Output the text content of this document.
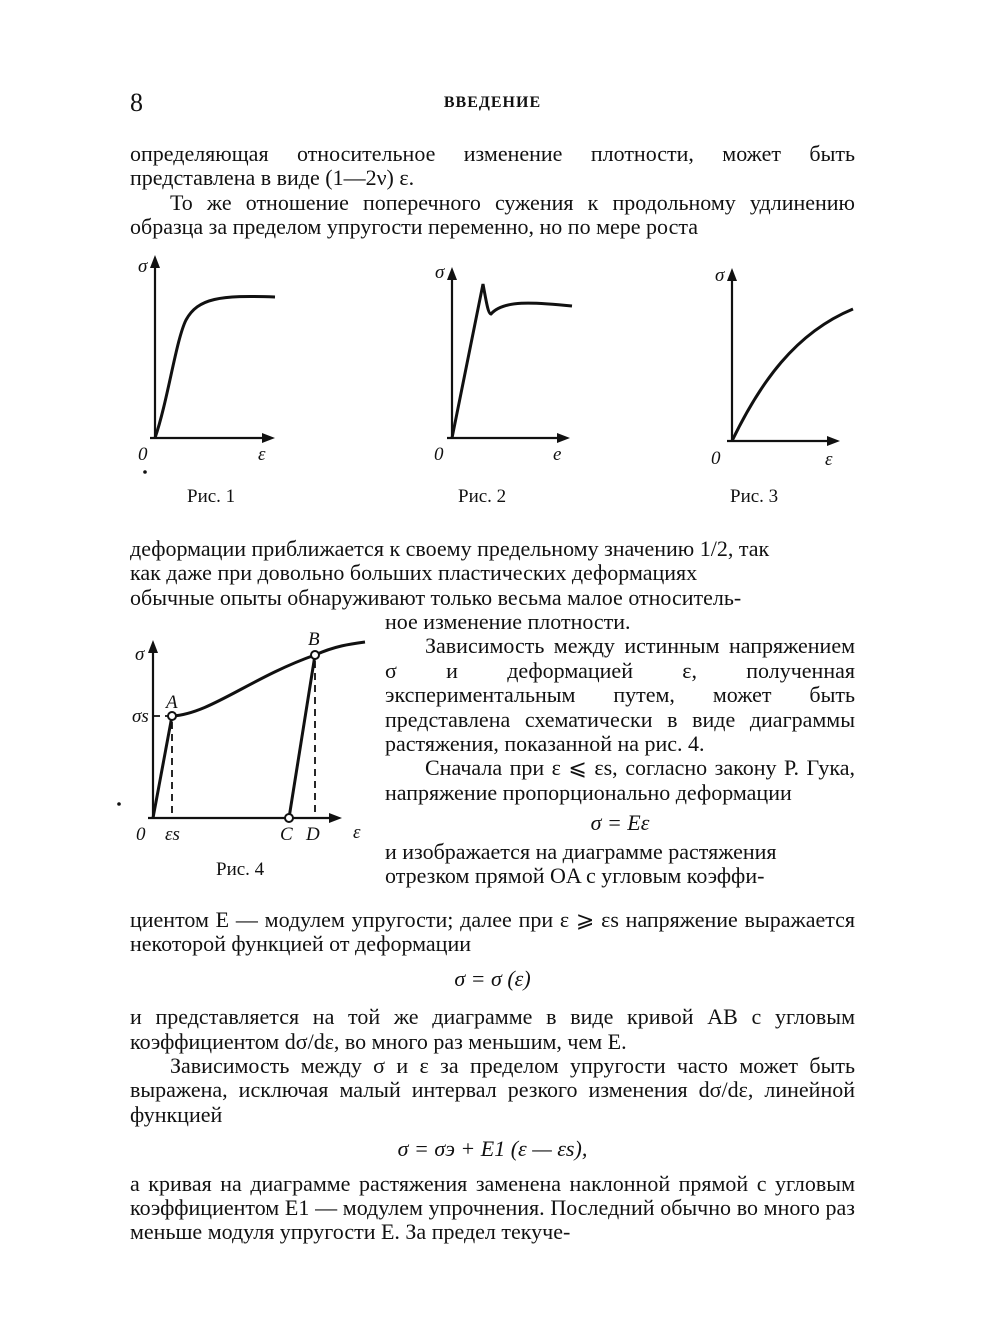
8	ВВЕДЕНИЕ

определяющая относительное изменение плотности, может быть представлена в виде (1—2ν) ε.

То же отношение поперечного сужения к продольному удлинению образца за пределом упругости переменно, но по мере роста

σ
ε
0
Рис. 1
σ
e
0
Рис. 2
σ
ε
0
Рис. 3

деформации приближается к своему предельному значению 1/2, так

как даже при довольно больших пластических деформациях

обычные опыты обнаруживают только весьма малое относитель-

ное изменение плотности.

Зависимость между истинным напряжением σ и деформацией ε, полученная экспериментальным путем, может быть представлена схематически в виде диаграммы растяжения, показанной на рис. 4.

Сначала при ε ⩽ εs, согласно закону Р. Гука, напряжение пропорционально деформации

σ = Eε

и изображается на диаграмме растяжения

отрезком прямой OA с угловым коэффи-

σ
σs
A
B
0 εs	C D ε
Рис. 4

циентом E — модулем упругости; далее при ε ⩾ εs напряжение выражается некоторой функцией от деформации

σ = σ (ε)

и представляется на той же диаграмме в виде кривой AB с угловым коэффициентом dσ/dε, во много раз меньшим, чем E.

Зависимость между σ и ε за пределом упругости часто может быть выражена, исключая малый интервал резкого изменения dσ/dε, линейной функцией

σ = σэ + E1 (ε — εs),

а кривая на диаграмме растяжения заменена наклонной прямой с угловым коэффициентом E1 — модулем упрочнения. Последний обычно во много раз меньше модуля упругости E. За предел текуче-
